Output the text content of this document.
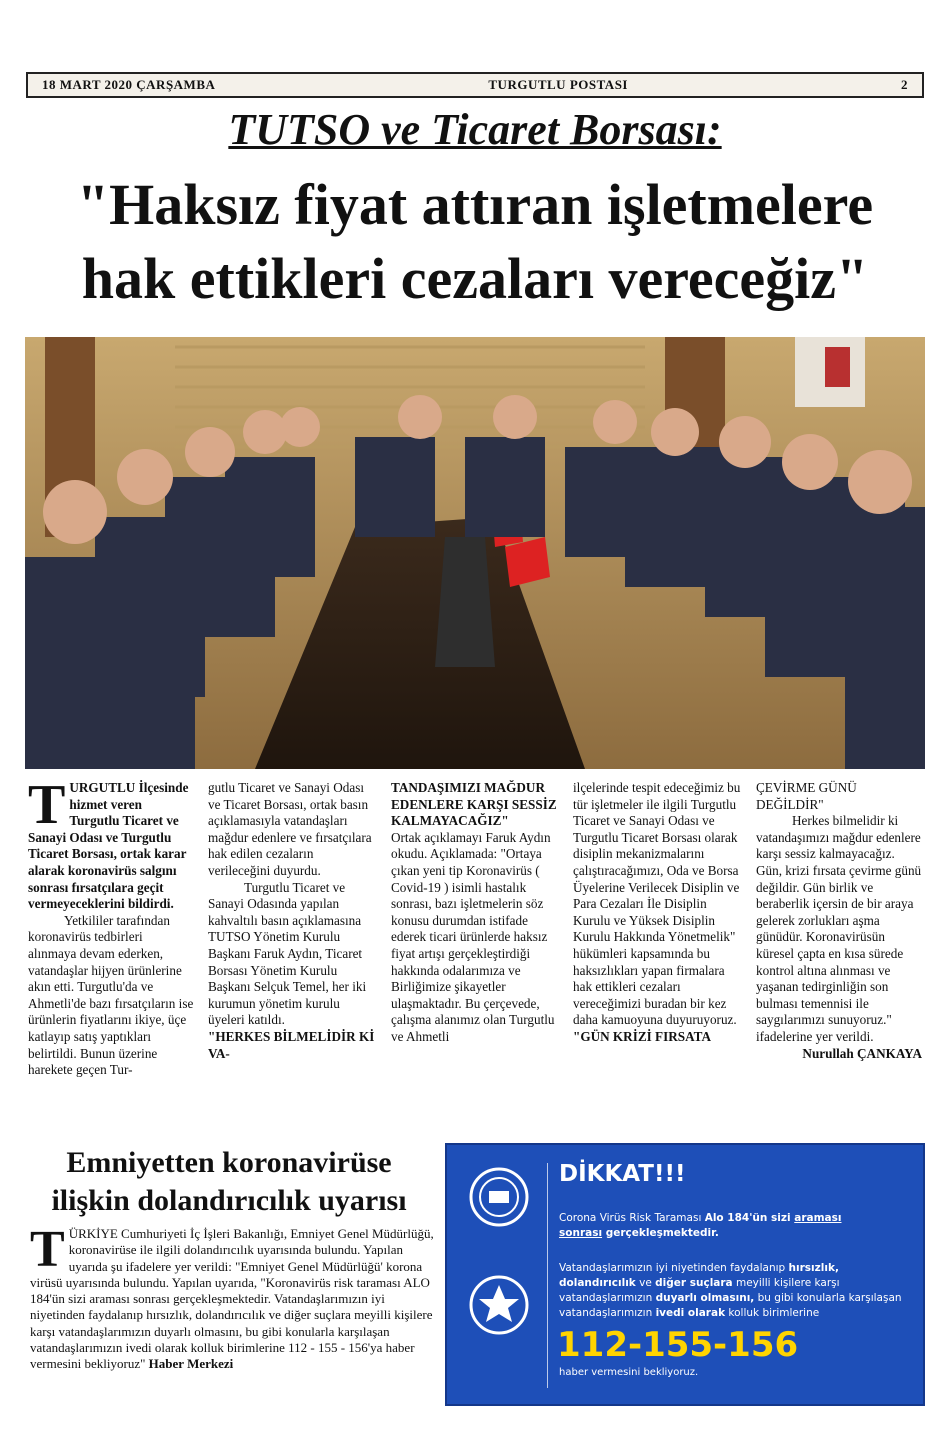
18 MART 2020 ÇARŞAMBA	TURGUTLU POSTASI	2
TUTSO ve Ticaret Borsası:
"Haksız fiyat attıran işletmelere
hak ettikleri cezaları vereceğiz"
T URGUTLU İlçesinde hizmet veren Turgutlu Ticaret ve Sanayi Odası ve Turgutlu Ticaret Borsası, ortak karar alarak koronavirüs salgını sonrası fırsatçılara geçit vermeyeceklerini bildirdi.

Yetkililer tarafından koronavirüs tedbirleri alınmaya devam ederken, vatandaşlar hijyen ürünlerine akın etti. Turgutlu'da ve Ahmetli'de bazı fırsatçıların ise ürünlerin fiyatlarını ikiye, üçe katlayıp satış yaptıkları belirtildi. Bunun üzerine harekete geçen Tur-

gutlu Ticaret ve Sanayi Odası ve Ticaret Borsası, ortak basın açıklamasıyla vatandaşları mağdur edenlere ve fırsatçılara hak edilen cezaların verileceğini duyurdu.

Turgutlu Ticaret ve Sanayi Odasında yapılan kahvaltılı basın açıklamasına TUTSO Yönetim Kurulu Başkanı Faruk Aydın, Ticaret Borsası Yönetim Kurulu Başkanı Selçuk Temel, her iki kurumun yönetim kurulu üyeleri katıldı.

"HERKES BİLMELİDİR Kİ VA-

TANDAŞIMIZI MAĞDUR EDENLERE KARŞI SESSİZ KALMAYACAĞIZ"

Ortak açıklamayı Faruk Aydın okudu. Açıklamada: "Ortaya çıkan yeni tip Koronavirüs ( Covid-19 ) isimli hastalık sonrası, bazı işletmelerin söz konusu durumdan istifade ederek ticari ürünlerde haksız fiyat artışı gerçekleştirdiği hakkında odalarımıza ve Birliğimize şikayetler ulaşmaktadır. Bu çerçevede, çalışma alanımız olan Turgutlu ve Ahmetli

ilçelerinde tespit edeceğimiz bu tür işletmeler ile ilgili Turgutlu Ticaret ve Sanayi Odası ve Turgutlu Ticaret Borsası olarak disiplin mekanizmalarını çalıştıracağımızı, Oda ve Borsa Üyelerine Verilecek Disiplin ve Para Cezaları İle Disiplin Kurulu ve Yüksek Disiplin Kurulu Hakkında Yönetmelik" hükümleri kapsamında bu haksızlıkları yapan firmalara hak ettikleri cezaları vereceğimizi buradan bir kez daha kamuoyuna duyuruyoruz.

"GÜN KRİZİ FIRSATA

ÇEVİRME GÜNÜ DEĞİLDİR"

Herkes bilmelidir ki vatandaşımızı mağdur edenlere karşı sessiz kalmayacağız. Gün, krizi fırsata çevirme günü değildir. Gün birlik ve beraberlik içersin de bir araya gelerek zorlukları aşma günüdür. Koronavirüsün küresel çapta en kısa sürede kontrol altına alınması ve yaşanan tedirginliğin son bulması temennisi ile saygılarımızı sunuyoruz." ifadelerine yer verildi.

Nurullah ÇANKAYA

Emniyetten koronavirüse
ilişkin dolandırıcılık uyarısı
T ÜRKİYE Cumhuriyeti İç İşleri Bakanlığı, Emniyet Genel Müdürlüğü, koronavirüse ile ilgili dolandırıcılık uyarısında bulundu. Yapılan uyarıda şu ifadelere yer verildi: "Emniyet Genel Müdürlüğü' korona virüsü uyarısında bulundu. Yapılan uyarıda, "Koronavirüs risk taraması ALO 184'ün sizi araması sonrası gerçekleşmektedir. Vatandaşlarımızın iyi niyetinden faydalanıp hırsızlık, dolandırıcılık ve diğer suçlara meyilli kişilere karşı vatandaşlarımızın duyarlı olmasını, bu gibi konularla karşılaşan vatandaşlarımızın ivedi olarak kolluk birimlerine 112 - 155 - 156'ya haber vermesini bekliyoruz" Haber Merkezi
DİKKAT!!!
Corona Virüs Risk Taraması Alo 184'ün sizi araması
sonrası gerçekleşmektedir.
Vatandaşlarımızın iyi niyetinden faydalanıp hırsızlık, dolandırıcılık ve diğer suçlara meyilli kişilere karşı vatandaşlarımızın duyarlı olmasını, bu gibi konularla karşılaşan vatandaşlarımızın ivedi olarak kolluk birimlerine
112-155-156
haber vermesini bekliyoruz.
